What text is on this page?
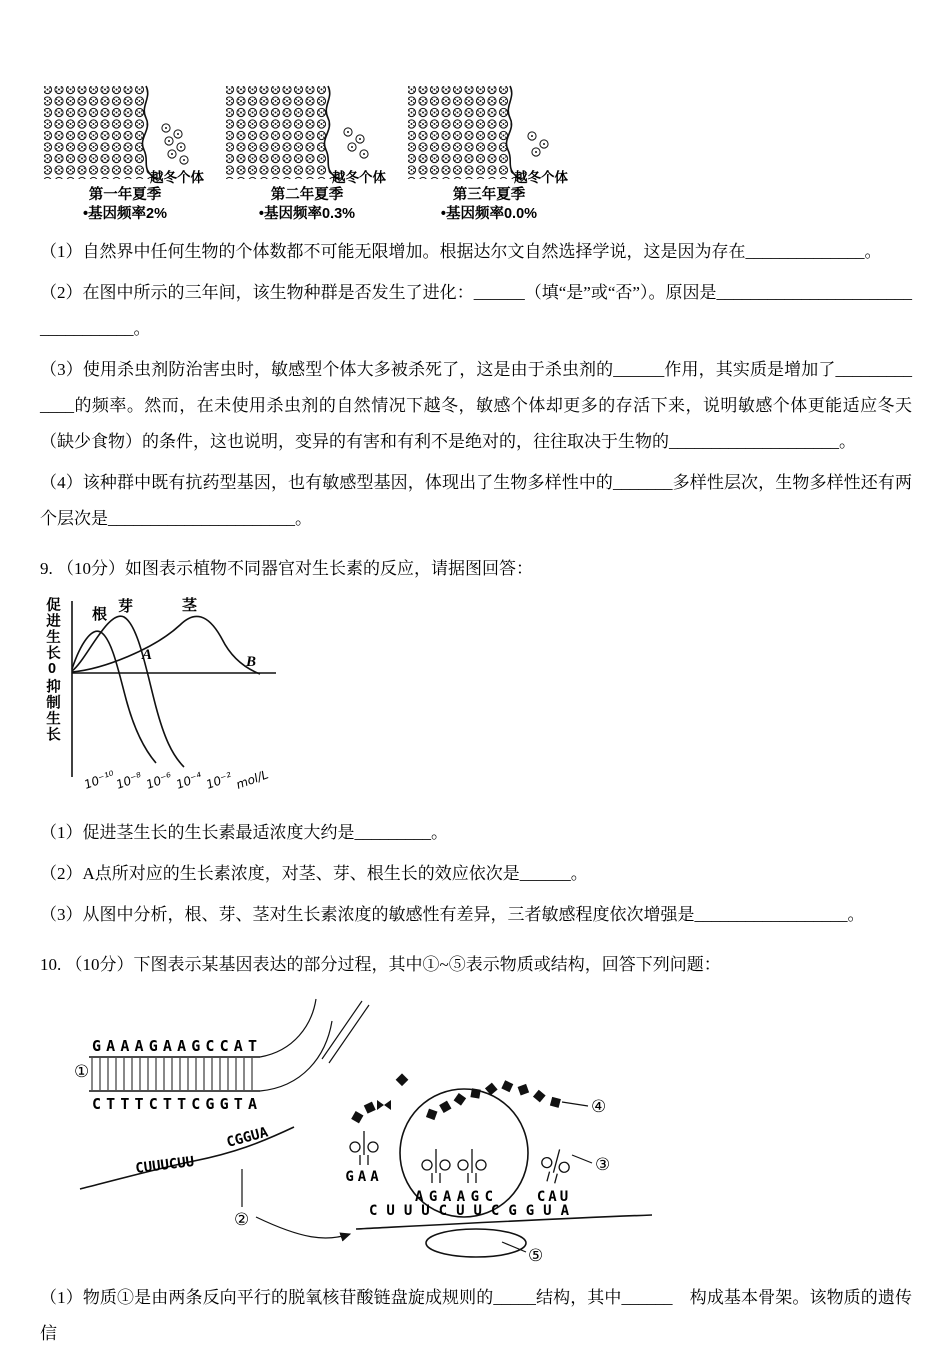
越冬个体
第一年夏季
•基因频率2%
越冬个体
第二年夏季
•基因频率0.3%
越冬个体
第三年夏季
•基因频率0.0%

（1）自然界中任何生物的个体数都不可能无限增加。根据达尔文自然选择学说，这是因为存在______________。

（2）在图中所示的三年间，该生物种群是否发生了进化：______（填“是”或“否”）。原因是__________________________________。

（3）使用杀虫剂防治害虫时，敏感型个体大多被杀死了，这是由于杀虫剂的______作用，其实质是增加了_____________的频率。然而，在未使用杀虫剂的自然情况下越冬，敏感个体却更多的存活下来，说明敏感个体更能适应冬天（缺少食物）的条件，这也说明，变异的有害和有利不是绝对的，往往取决于生物的____________________。

（4）该种群中既有抗药型基因，也有敏感型基因，体现出了生物多样性中的_______多样性层次，生物多样性还有两个层次是______________________。

9. （10分）如图表示植物不同器官对生长素的反应，请据图回答：

促进生长0抑制生长
根 芽	茎
A	B
10⁻¹⁰
10⁻⁸ 10⁻⁶ 10⁻⁴ 10⁻² mol/L

（1）促进茎生长的生长素最适浓度大约是_________。

（2）A点所对应的生长素浓度，对茎、芽、根生长的效应依次是______。

（3）从图中分析，根、芽、茎对生长素浓度的敏感性有差异，三者敏感程度依次增强是__________________。

10. （10分）下图表示某基因表达的部分过程，其中①~⑤表示物质或结构，回答下列问题：

①
GAAAGAAGCCAT
CTTTCTTCGGTA
CUUUCUU
CGGUA
②
GAA
AGAAGC	CAU
④
③
CUUUCUUCGGUA
⑤

（1）物质①是由两条反向平行的脱氧核苷酸链盘旋成规则的_____结构，其中______　构成基本骨架。该物质的遗传信
